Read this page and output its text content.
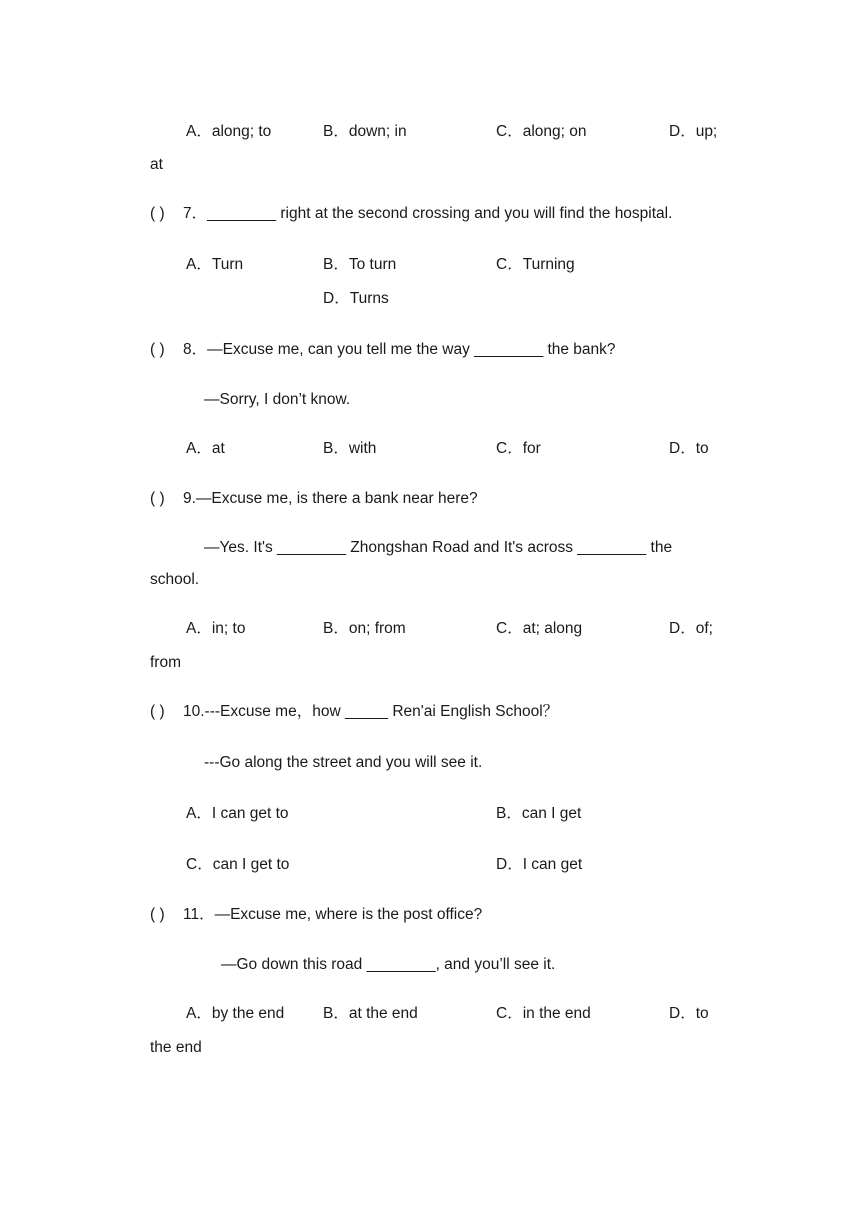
A．along; to	B．down; in	C．along; on	D．up;
at
( ) 7．________ right at the second crossing and you will find the hospital.
A．Turn	B．To turn	C．Turning
D．Turns
( ) 8．—Excuse me, can you tell me the way ________ the bank?
—Sorry, I don’t know.
A．at	B．with	C．for	D．to
( ) 9.—Excuse me, is there a bank near here?
—Yes. It's ________ Zhongshan Road and It's across ________ the
school.
A．in; to	B．on; from	C．at; along	D．of;
from
( ) 10.---Excuse me，how _____ Ren'ai English School？
---Go along the street and you will see it.
A．I can get to	B．can I get
C．can I get to	D．I can get
( ) 11．—Excuse me, where is the post office?
—Go down this road ________, and you’ll see it.
A．by the end	B．at the end	C．in the end	D．to
the end
